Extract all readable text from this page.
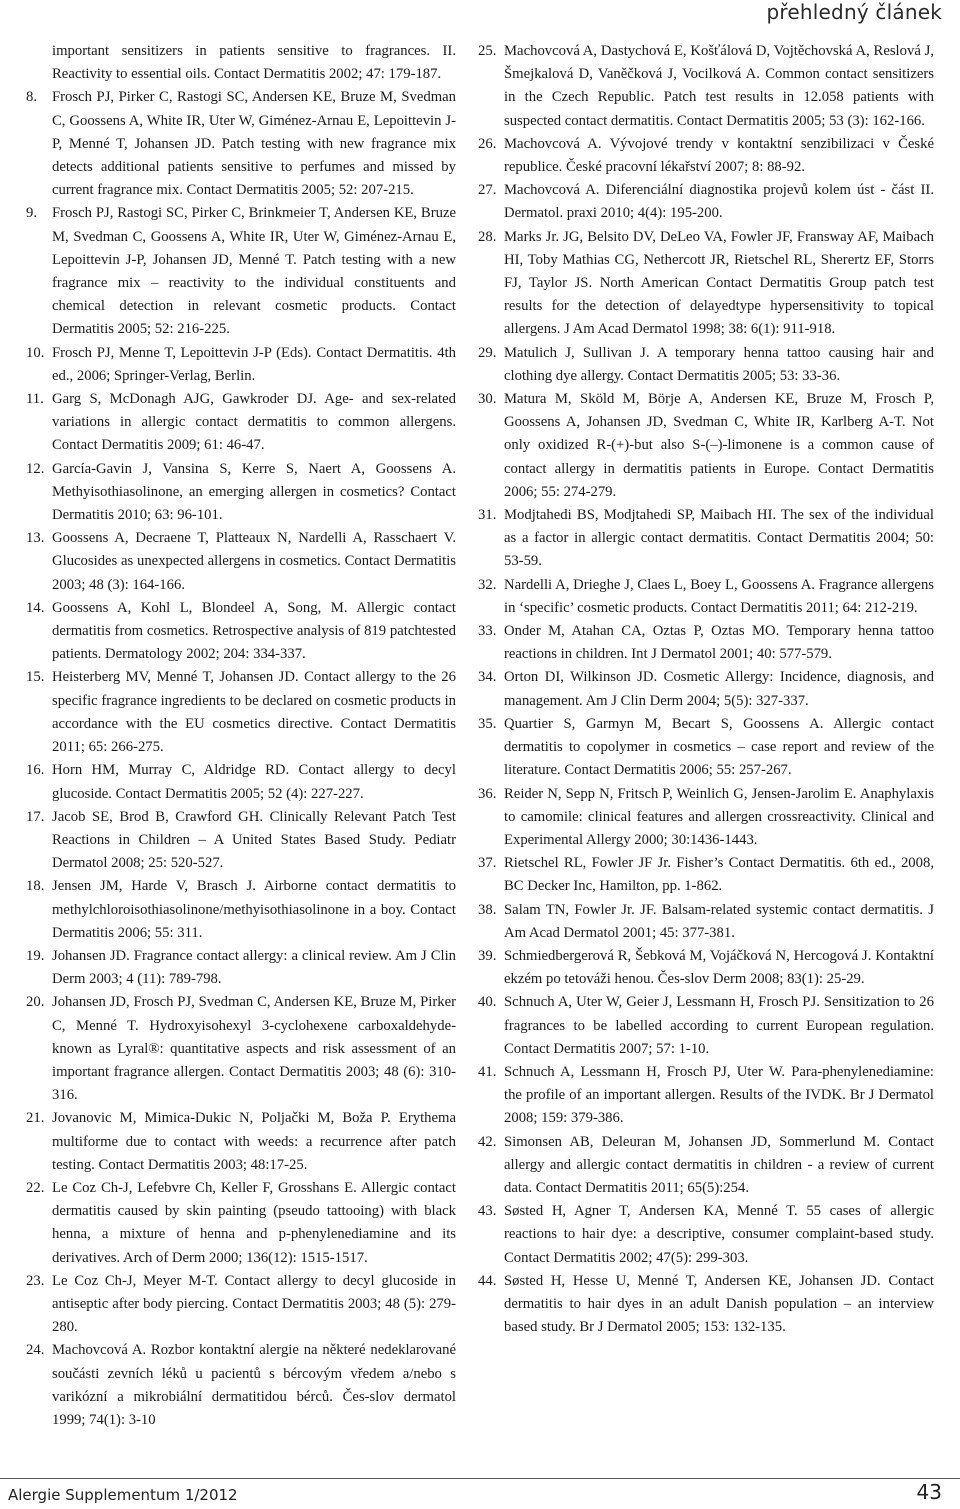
přehledný článek
important sensitizers in patients sensitive to fragrances. II. Reactivity to essential oils. Contact Dermatitis 2002; 47: 179-187.
8.	Frosch PJ, Pirker C, Rastogi SC, Andersen KE, Bruze M, Svedman C, Goossens A, White IR, Uter W, Giménez-Arnau E, Lepoittevin J-P, Menné T, Johansen JD. Patch testing with new fragrance mix detects additional patients sensitive to perfumes and missed by current fragrance mix. Contact Dermatitis 2005; 52: 207-215.
9.	Frosch PJ, Rastogi SC, Pirker C, Brinkmeier T, Andersen KE, Bruze M, Svedman C, Goossens A, White IR, Uter W, Giménez-Arnau E, Lepoittevin J-P, Johansen JD, Menné T. Patch testing with a new fragrance mix – reactivity to the individual constituents and chemical detection in relevant cosmetic products. Contact Dermatitis 2005; 52: 216-225.
10. Frosch PJ, Menne T, Lepoittevin J-P (Eds). Contact Dermatitis. 4th ed., 2006; Springer-Verlag, Berlin.
11. Garg S, McDonagh AJG, Gawkroder DJ. Age- and sex-related variations in allergic contact dermatitis to common allergens. Contact Dermatitis 2009; 61: 46-47.
12. García-Gavin J, Vansina S, Kerre S, Naert A, Goossens A. Methyisothiasolinone, an emerging allergen in cosmetics? Contact Dermatitis 2010; 63: 96-101.
13. Goossens A, Decraene T, Platteaux N, Nardelli A, Rasschaert V. Glucosides as unexpected allergens in cosmetics. Contact Dermatitis 2003; 48 (3): 164-166.
14. Goossens A, Kohl L, Blondeel A, Song, M. Allergic contact dermatitis from cosmetics. Retrospective analysis of 819 patchtested patients. Dermatology 2002; 204: 334-337.
15. Heisterberg MV, Menné T, Johansen JD. Contact allergy to the 26 specific fragrance ingredients to be declared on cosmetic products in accordance with the EU cosmetics directive. Contact Dermatitis 2011; 65: 266-275.
16. Horn HM, Murray C, Aldridge RD. Contact allergy to decyl glucoside. Contact Dermatitis 2005; 52 (4): 227-227.
17. Jacob SE, Brod B, Crawford GH. Clinically Relevant Patch Test Reactions in Children – A United States Based Study. Pediatr Dermatol 2008; 25: 520-527.
18. Jensen JM, Harde V, Brasch J. Airborne contact dermatitis to methylchloroisothiasolinone/methyisothiasolinone in a boy. Contact Dermatitis 2006; 55: 311.
19. Johansen JD. Fragrance contact allergy: a clinical review. Am J Clin Derm 2003; 4 (11): 789-798.
20. Johansen JD, Frosch PJ, Svedman C, Andersen KE, Bruze M, Pirker C, Menné T. Hydroxyisohexyl 3-cyclohexene carboxaldehyde- known as Lyral®: quantitative aspects and risk assessment of an important fragrance allergen. Contact Dermatitis 2003; 48 (6): 310-316.
21. Jovanovic M, Mimica-Dukic N, Poljački M, Boža P. Erythema multiforme due to contact with weeds: a recurrence after patch testing. Contact Dermatitis 2003; 48:17-25.
22. Le Coz Ch-J, Lefebvre Ch, Keller F, Grosshans E. Allergic contact dermatitis caused by skin painting (pseudo tattooing) with black henna, a mixture of henna and p-phenylenediamine and its derivatives. Arch of Derm 2000; 136(12): 1515-1517.
23. Le Coz Ch-J, Meyer M-T. Contact allergy to decyl glucoside in antiseptic after body piercing. Contact Dermatitis 2003; 48 (5): 279-280.
24. Machovcová A. Rozbor kontaktní alergie na některé nedeklarované součásti zevních léků u pacientů s bércovým vředem a/nebo s varikózní a mikrobiální dermatitidou bérců. Čes-slov dermatol 1999; 74(1): 3-10
25. Machovcová A, Dastychová E, Košťálová D, Vojtěchovská A, Reslová J, Šmejkalová D, Vaněčková J, Vocilková A. Common contact sensitizers in the Czech Republic. Patch test results in 12.058 patients with suspected contact dermatitis. Contact Dermatitis 2005; 53 (3): 162-166.
26. Machovcová A. Vývojové trendy v kontaktní senzibilizaci v České republice. České pracovní lékařství 2007; 8: 88-92.
27. Machovcová A. Diferenciální diagnostika projevů kolem úst - část II. Dermatol. praxi 2010; 4(4): 195-200.
28. Marks Jr. JG, Belsito DV, DeLeo VA, Fowler JF, Fransway AF, Maibach HI, Toby Mathias CG, Nethercott JR, Rietschel RL, Sherertz EF, Storrs FJ, Taylor JS. North American Contact Dermatitis Group patch test results for the detection of delayedtype hypersensitivity to topical allergens. J Am Acad Dermatol 1998; 38: 6(1): 911-918.
29. Matulich J, Sullivan J. A temporary henna tattoo causing hair and clothing dye allergy. Contact Dermatitis 2005; 53: 33-36.
30. Matura M, Sköld M, Börje A, Andersen KE, Bruze M, Frosch P, Goossens A, Johansen JD, Svedman C, White IR, Karlberg A-T. Not only oxidized R-(+)-but also S-(–)-limonene is a common cause of contact allergy in dermatitis patients in Europe. Contact Dermatitis 2006; 55: 274-279.
31. Modjtahedi BS, Modjtahedi SP, Maibach HI. The sex of the individual as a factor in allergic contact dermatitis. Contact Dermatitis 2004; 50: 53-59.
32. Nardelli A, Drieghe J, Claes L, Boey L, Goossens A. Fragrance allergens in ‘specific’ cosmetic products. Contact Dermatitis 2011; 64: 212-219.
33. Onder M, Atahan CA, Oztas P, Oztas MO. Temporary henna tattoo reactions in children. Int J Dermatol 2001; 40: 577-579.
34. Orton DI, Wilkinson JD. Cosmetic Allergy: Incidence, diagnosis, and management. Am J Clin Derm 2004; 5(5): 327-337.
35. Quartier S, Garmyn M, Becart S, Goossens A. Allergic contact dermatitis to copolymer in cosmetics – case report and review of the literature. Contact Dermatitis 2006; 55: 257-267.
36. Reider N, Sepp N, Fritsch P, Weinlich G, Jensen-Jarolim E. Anaphylaxis to camomile: clinical features and allergen crossreactivity. Clinical and Experimental Allergy 2000; 30:1436-1443.
37. Rietschel RL, Fowler JF Jr. Fisher’s Contact Dermatitis. 6th ed., 2008, BC Decker Inc, Hamilton, pp. 1-862.
38. Salam TN, Fowler Jr. JF. Balsam-related systemic contact dermatitis. J Am Acad Dermatol 2001; 45: 377-381.
39. Schmiedbergerová R, Šebková M, Vojáčková N, Hercogová J. Kontaktní ekzém po tetováži henou. Čes-slov Derm 2008; 83(1): 25-29.
40. Schnuch A, Uter W, Geier J, Lessmann H, Frosch PJ. Sensitization to 26 fragrances to be labelled according to current European regulation. Contact Dermatitis 2007; 57: 1-10.
41. Schnuch A, Lessmann H, Frosch PJ, Uter W. Para-phenylenediamine: the profile of an important allergen. Results of the IVDK. Br J Dermatol 2008; 159: 379-386.
42. Simonsen AB, Deleuran M, Johansen JD, Sommerlund M. Contact allergy and allergic contact dermatitis in children - a review of current data. Contact Dermatitis 2011; 65(5):254.
43. Søsted H, Agner T, Andersen KA, Menné T. 55 cases of allergic reactions to hair dye: a descriptive, consumer complaint-based study. Contact Dermatitis 2002; 47(5): 299-303.
44. Søsted H, Hesse U, Menné T, Andersen KE, Johansen JD. Contact dermatitis to hair dyes in an adult Danish population – an interview based study. Br J Dermatol 2005; 153: 132-135.
Alergie Supplementum 1/2012	43
